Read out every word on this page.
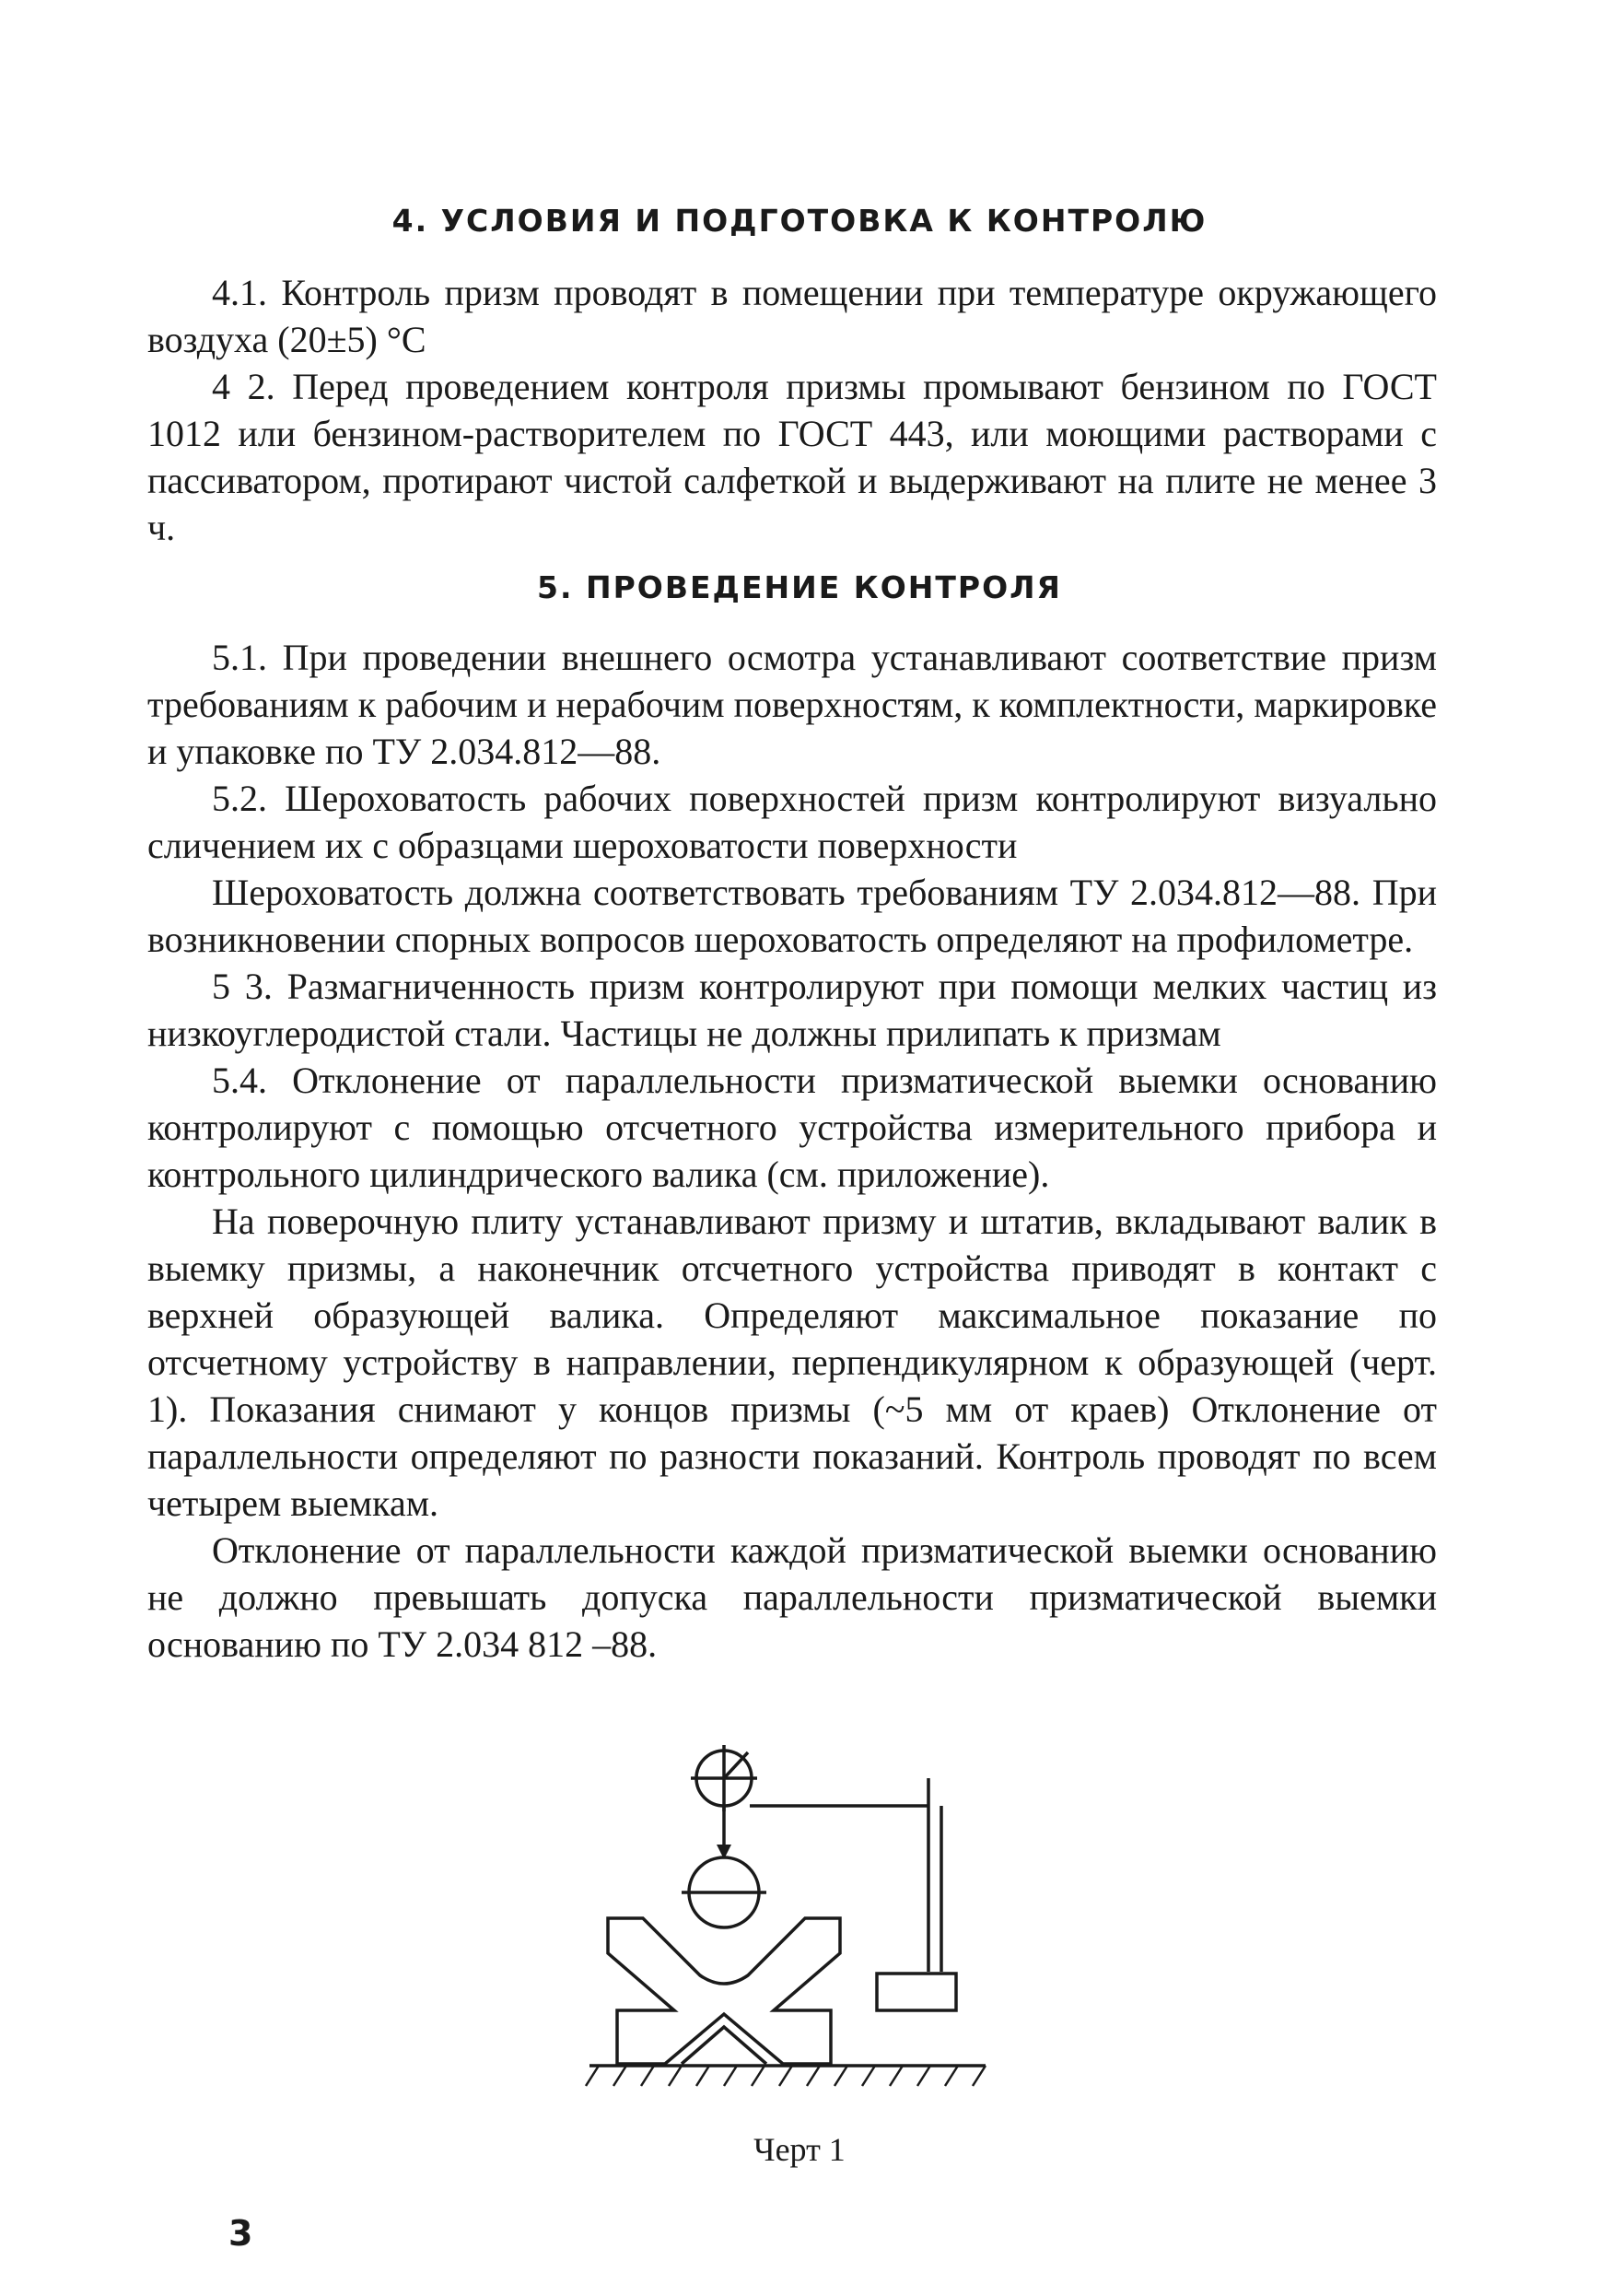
4. УСЛОВИЯ И ПОДГОТОВКА К КОНТРОЛЮ

4.1. Контроль призм проводят в помещении при температуре окружающего воздуха (20±5) °С

4 2. Перед проведением контроля призмы промывают бензином по ГОСТ 1012 или бензином-растворителем по ГОСТ 443, или моющими растворами с пассиватором, протирают чистой салфеткой и выдерживают на плите не менее 3 ч.

5. ПРОВЕДЕНИЕ КОНТРОЛЯ

5.1. При проведении внешнего осмотра устанавливают соответствие призм требованиям к рабочим и нерабочим поверхностям, к комплектности, маркировке и упаковке по ТУ 2.034.812—88.

5.2. Шероховатость рабочих поверхностей призм контролируют визуально сличением их с образцами шероховатости поверхности

Шероховатость должна соответствовать требованиям ТУ 2.034.812—88. При возникновении спорных вопросов шероховатость определяют на профилометре.

5 3. Размагниченность призм контролируют при помощи мелких частиц из низкоуглеродистой стали. Частицы не должны прилипать к призмам

5.4. Отклонение от параллельности призматической выемки основанию контролируют с помощью отсчетного устройства измерительного прибора и контрольного цилиндрического валика (см. приложение).

На поверочную плиту устанавливают призму и штатив, вкладывают валик в выемку призмы, а наконечник отсчетного устройства приводят в контакт с верхней образующей валика. Определяют максимальное показание по отсчетному устройству в направлении, перпендикулярном к образующей (черт. 1). Показания снимают у концов призмы (~5 мм от краев) Отклонение от параллельности определяют по разности показаний. Контроль проводят по всем четырем выемкам.

Отклонение от параллельности каждой призматической выемки основанию не должно превышать допуска параллельности призматической выемки основанию по ТУ 2.034 812 –88.

Черт 1
3
